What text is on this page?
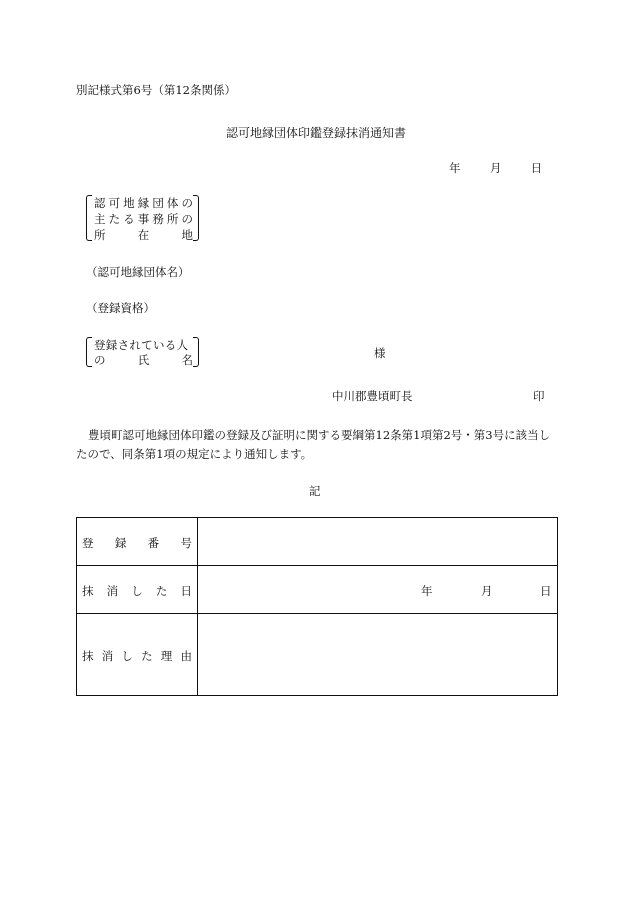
別記様式第6号（第12条関係）
認可地縁団体印鑑登録抹消通知書
年	月	日
認 可 地 縁 団 体 の
主 た る 事 務 所 の
所	在	地
（認可地縁団体名）
（登録資格）
登録されている人
の	氏	名	様
中川郡豊頃町長	印
豊頃町認可地縁団体印鑑の登録及び証明に関する要綱第12条第1項第2号・第3号に該当し
たので、同条第1項の規定により通知します。
記
登 録 番 号
抹 消 し た 日	年	月	日
抹 消 し た 理 由
